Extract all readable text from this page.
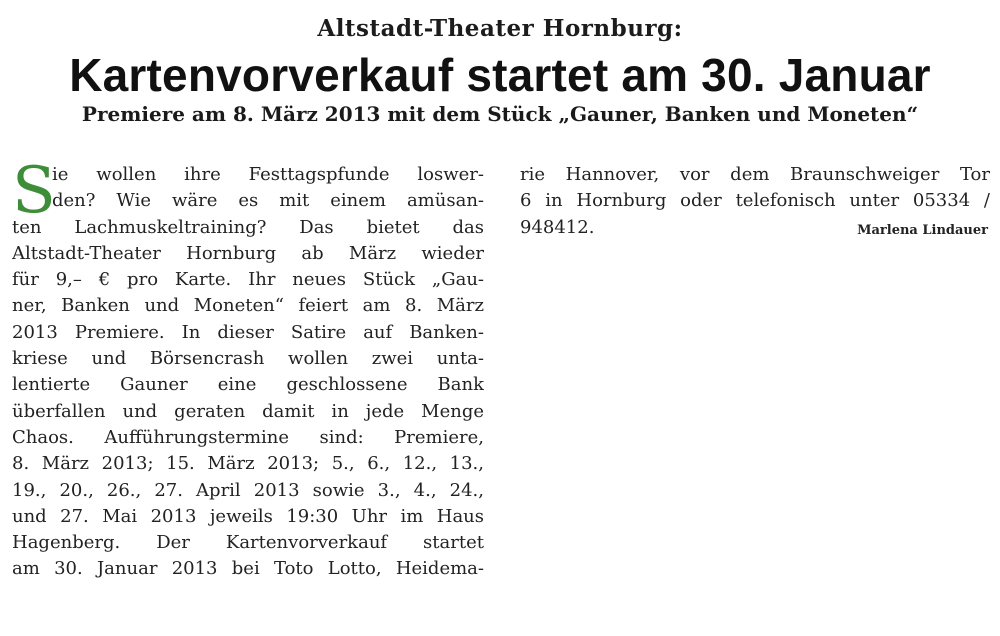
Altstadt-Theater Hornburg:
Kartenvorverkauf startet am 30. Januar
Premiere am 8. März 2013 mit dem Stück „Gauner, Banken und Moneten“
S
ie wollen ihre Festtagspfunde loswer-
den? Wie wäre es mit einem amüsan-
ten Lachmuskeltraining? Das bietet das
Altstadt-Theater Hornburg ab März wieder
für 9,– € pro Karte. Ihr neues Stück „Gau-
ner, Banken und Moneten“ feiert am 8. März
2013 Premiere. In dieser Satire auf Banken-
kriese und Börsencrash wollen zwei unta-
lentierte Gauner eine geschlossene Bank
überfallen und geraten damit in jede Menge
Chaos. Aufführungstermine sind: Premiere,
8. März 2013; 15. März 2013; 5., 6., 12., 13.,
19., 20., 26., 27. April 2013 sowie 3., 4., 24.,
und 27. Mai 2013 jeweils 19:30 Uhr im Haus
Hagenberg. Der Kartenvorverkauf startet
am 30. Januar 2013 bei Toto Lotto, Heidema-
rie Hannover, vor dem Braunschweiger Tor
6 in Hornburg oder telefonisch unter 05334 /
948412.	Marlena Lindauer
